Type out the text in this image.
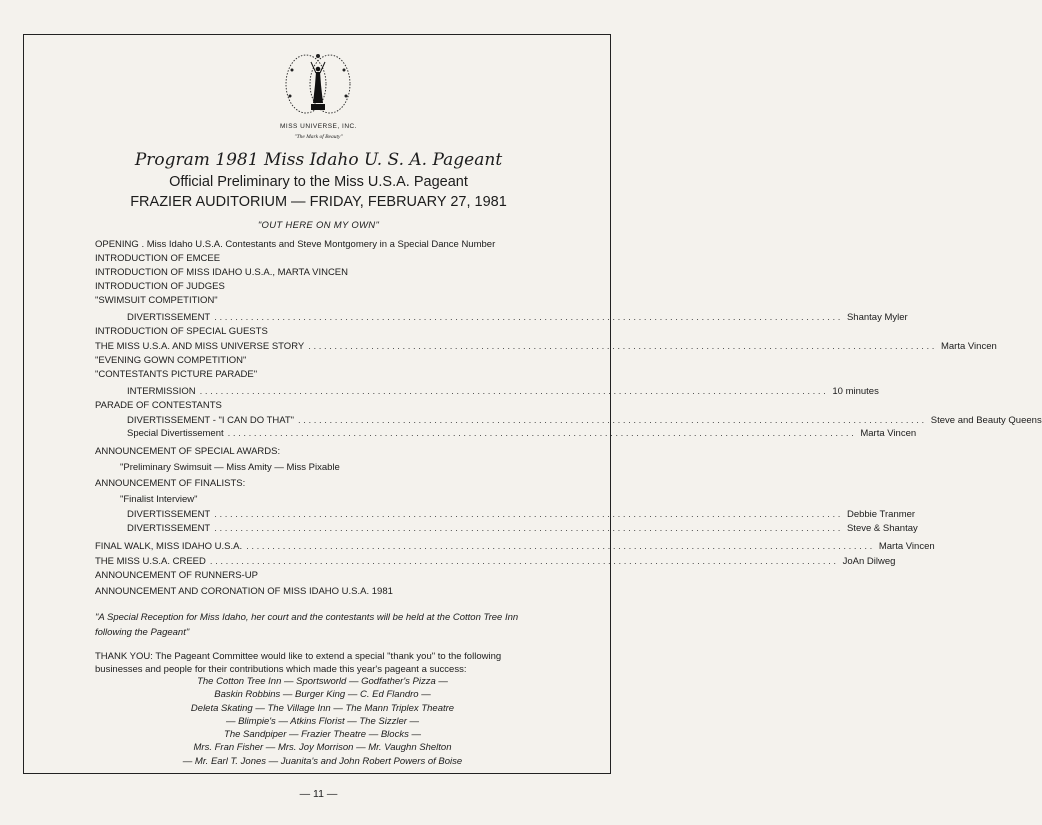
MISS UNIVERSE, INC.
"The Mark of Beauty"
Program 1981 Miss Idaho U. S. A. Pageant
Official Preliminary to the Miss U.S.A. Pageant
FRAZIER AUDITORIUM — FRIDAY, FEBRUARY 27, 1981
"OUT HERE ON MY OWN"
OPENING . Miss Idaho U.S.A. Contestants and Steve Montgomery in a Special Dance Number
INTRODUCTION OF EMCEE
INTRODUCTION OF MISS IDAHO U.S.A., MARTA VINCEN
INTRODUCTION OF JUDGES
"SWIMSUIT COMPETITION"
DIVERTISSEMENT ........................................................................................................................ Shantay Myler
INTRODUCTION OF SPECIAL GUESTS
THE MISS U.S.A. AND MISS UNIVERSE STORY ........................................................................................................................ Marta Vincen
"EVENING GOWN COMPETITION"
"CONTESTANTS PICTURE PARADE"
INTERMISSION ........................................................................................................................ 10 minutes
PARADE OF CONTESTANTS
DIVERTISSEMENT - "I CAN DO THAT" ........................................................................................................................ Steve and Beauty Queens
Special Divertissement ........................................................................................................................ Marta Vincen
ANNOUNCEMENT OF SPECIAL AWARDS:
"Preliminary Swimsuit — Miss Amity — Miss Pixable
ANNOUNCEMENT OF FINALISTS:
"Finalist Interview"
DIVERTISSEMENT ........................................................................................................................ Debbie Tranmer
DIVERTISSEMENT ........................................................................................................................ Steve & Shantay
FINAL WALK, MISS IDAHO U.S.A. ........................................................................................................................ Marta Vincen
THE MISS U.S.A. CREED ........................................................................................................................ JoAn Dilweg
ANNOUNCEMENT OF RUNNERS-UP
ANNOUNCEMENT AND CORONATION OF MISS IDAHO U.S.A. 1981
"A Special Reception for Miss Idaho, her court and the contestants will be held at the Cotton Tree Inn following the Pageant"
THANK YOU: The Pageant Committee would like to extend a special "thank you" to the following businesses and people for their contributions which made this year's pageant a success:
The Cotton Tree Inn — Sportsworld — Godfather's Pizza —
Baskin Robbins — Burger King — C. Ed Flandro —
Deleta Skating — The Village Inn — The Mann Triplex Theatre
— Blimpie's — Atkins Florist — The Sizzler —
The Sandpiper — Frazier Theatre — Blocks —
Mrs. Fran Fisher — Mrs. Joy Morrison — Mr. Vaughn Shelton
— Mr. Earl T. Jones — Juanita's and John Robert Powers of Boise
— 11 —
